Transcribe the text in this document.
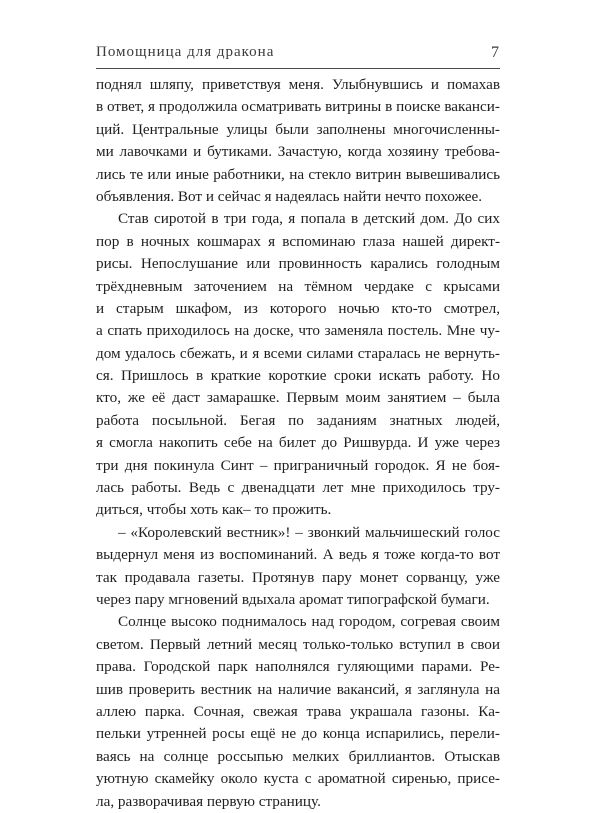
Помощница для дракона	7

поднял шляпу, приветствуя меня. Улыбнувшись и помахав
в ответ, я продолжила осматривать витрины в поиске ваканси-
ций. Центральные улицы были заполнены многочисленны-
ми лавочками и бутиками. Зачастую, когда хозяину требова-
лись те или иные работники, на стекло витрин вывешивались
объявления. Вот и сейчас я надеялась найти нечто похожее.

Став сиротой в три года, я попала в детский дом. До сих
пор в ночных кошмарах я вспоминаю глаза нашей директ-
рисы. Непослушание или провинность карались голодным
трёхдневным заточением на тёмном чердаке с крысами
и старым шкафом, из которого ночью кто-то смотрел,
а спать приходилось на доске, что заменяла постель. Мне чу-
дом удалось сбежать, и я всеми силами старалась не вернуть-
ся. Пришлось в краткие короткие сроки искать работу. Но
кто, же её даст замарашке. Первым моим занятием – была
работа посыльной. Бегая по заданиям знатных людей,
я смогла накопить себе на билет до Ришвурда. И уже через
три дня покинула Синт – приграничный городок. Я не боя-
лась работы. Ведь с двенадцати лет мне приходилось тру-
диться, чтобы хоть как– то прожить.

– «Королевский вестник»! – звонкий мальчишеский голос
выдернул меня из воспоминаний. А ведь я тоже когда-то вот
так продавала газеты. Протянув пару монет сорванцу, уже
через пару мгновений вдыхала аромат типографской бумаги.

Солнце высоко поднималось над городом, согревая своим
светом. Первый летний месяц только-только вступил в свои
права. Городской парк наполнялся гуляющими парами. Ре-
шив проверить вестник на наличие вакансий, я заглянула на
аллею парка. Сочная, свежая трава украшала газоны. Ка-
пельки утренней росы ещё не до конца испарились, перели-
ваясь на солнце россыпью мелких бриллиантов. Отыскав
уютную скамейку около куста с ароматной сиренью, присе-
ла, разворачивая первую страницу.
